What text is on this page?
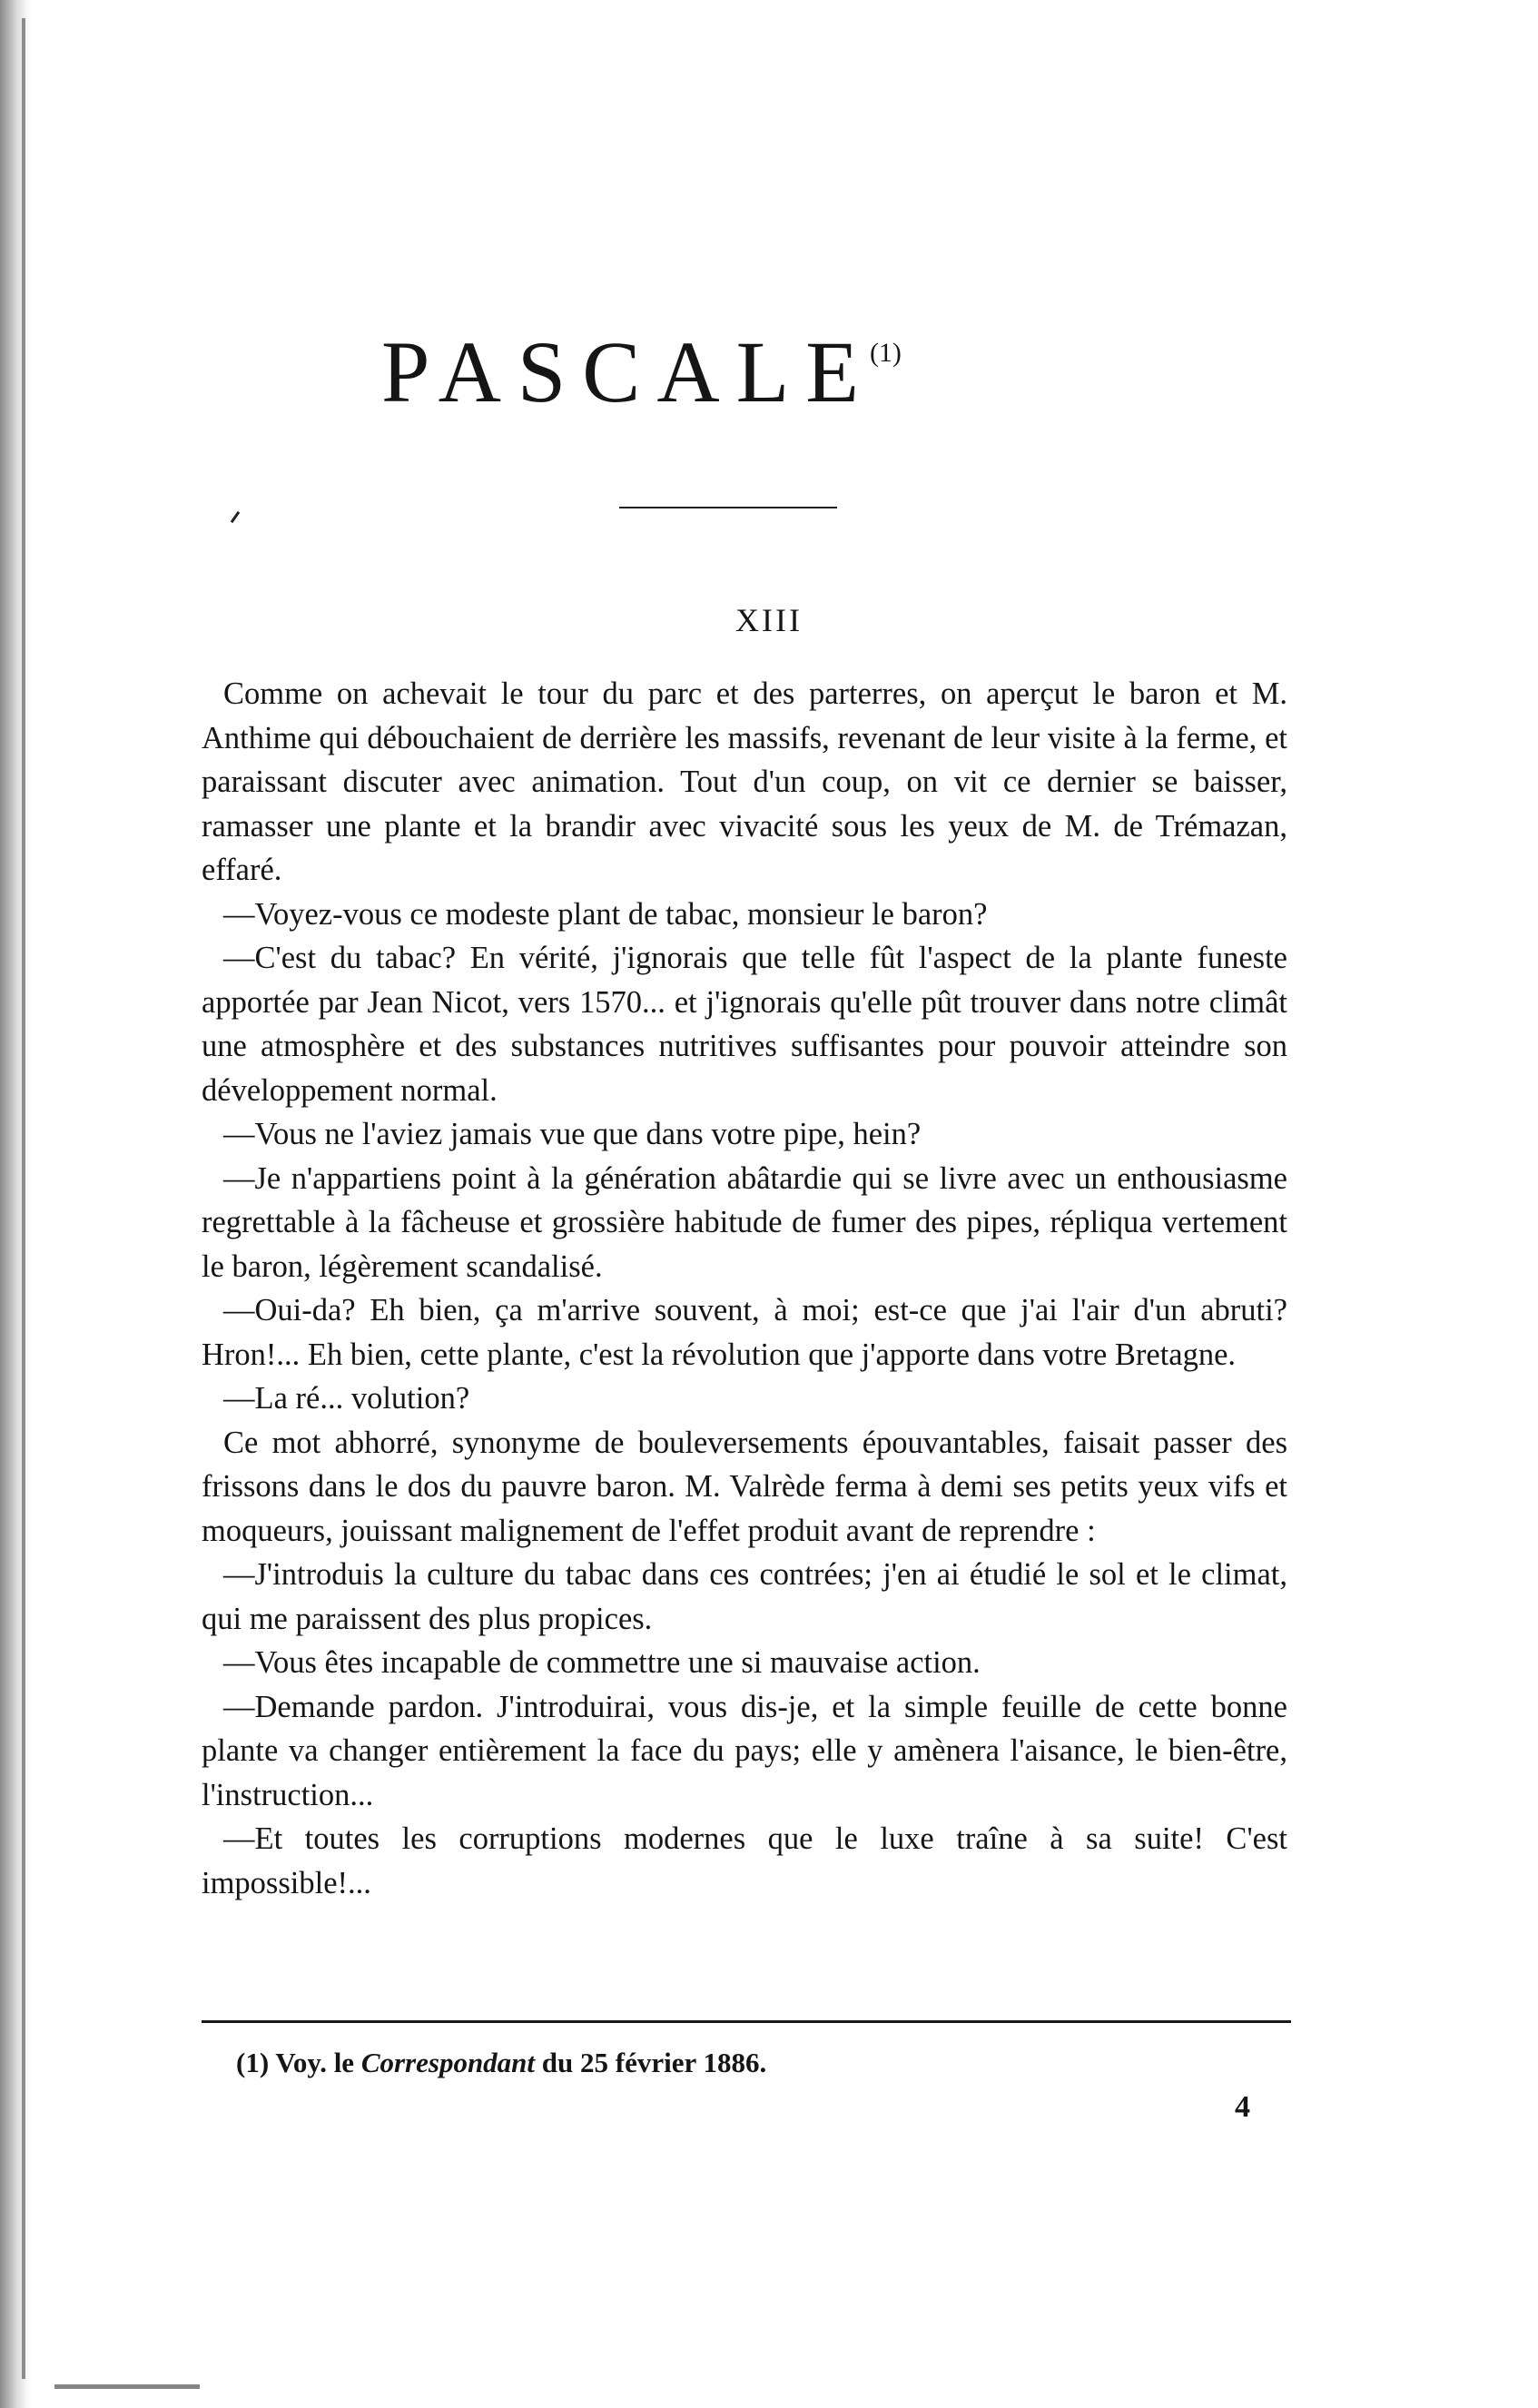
PASCALE$^{(1)}$
XIII

Comme on achevait le tour du parc et des parterres, on aperçut le baron et M. Anthime qui débouchaient de derrière les massifs, revenant de leur visite à la ferme, et paraissant discuter avec animation. Tout d'un coup, on vit ce dernier se baisser, ramasser une plante et la brandir avec vivacité sous les yeux de M. de Trémazan, effaré.

—Voyez-vous ce modeste plant de tabac, monsieur le baron?

—C'est du tabac? En vérité, j'ignorais que telle fût l'aspect de la plante funeste apportée par Jean Nicot, vers 1570... et j'ignorais qu'elle pût trouver dans notre climât une atmosphère et des substances nutritives suffisantes pour pouvoir atteindre son développement normal.

—Vous ne l'aviez jamais vue que dans votre pipe, hein?

—Je n'appartiens point à la génération abâtardie qui se livre avec un enthousiasme regrettable à la fâcheuse et grossière habitude de fumer des pipes, répliqua vertement le baron, légèrement scandalisé.

—Oui-da? Eh bien, ça m'arrive souvent, à moi; est-ce que j'ai l'air d'un abruti? Hron!... Eh bien, cette plante, c'est la révolution que j'apporte dans votre Bretagne.

—La ré... volution?

Ce mot abhorré, synonyme de bouleversements épouvantables, faisait passer des frissons dans le dos du pauvre baron. M. Valrède ferma à demi ses petits yeux vifs et moqueurs, jouissant malignement de l'effet produit avant de reprendre :

—J'introduis la culture du tabac dans ces contrées; j'en ai étudié le sol et le climat, qui me paraissent des plus propices.

—Vous êtes incapable de commettre une si mauvaise action.

—Demande pardon. J'introduirai, vous dis-je, et la simple feuille de cette bonne plante va changer entièrement la face du pays; elle y amènera l'aisance, le bien-être, l'instruction...

—Et toutes les corruptions modernes que le luxe traîne à sa suite! C'est impossible!...

(1) Voy. le Correspondant du 25 février 1886.
4
